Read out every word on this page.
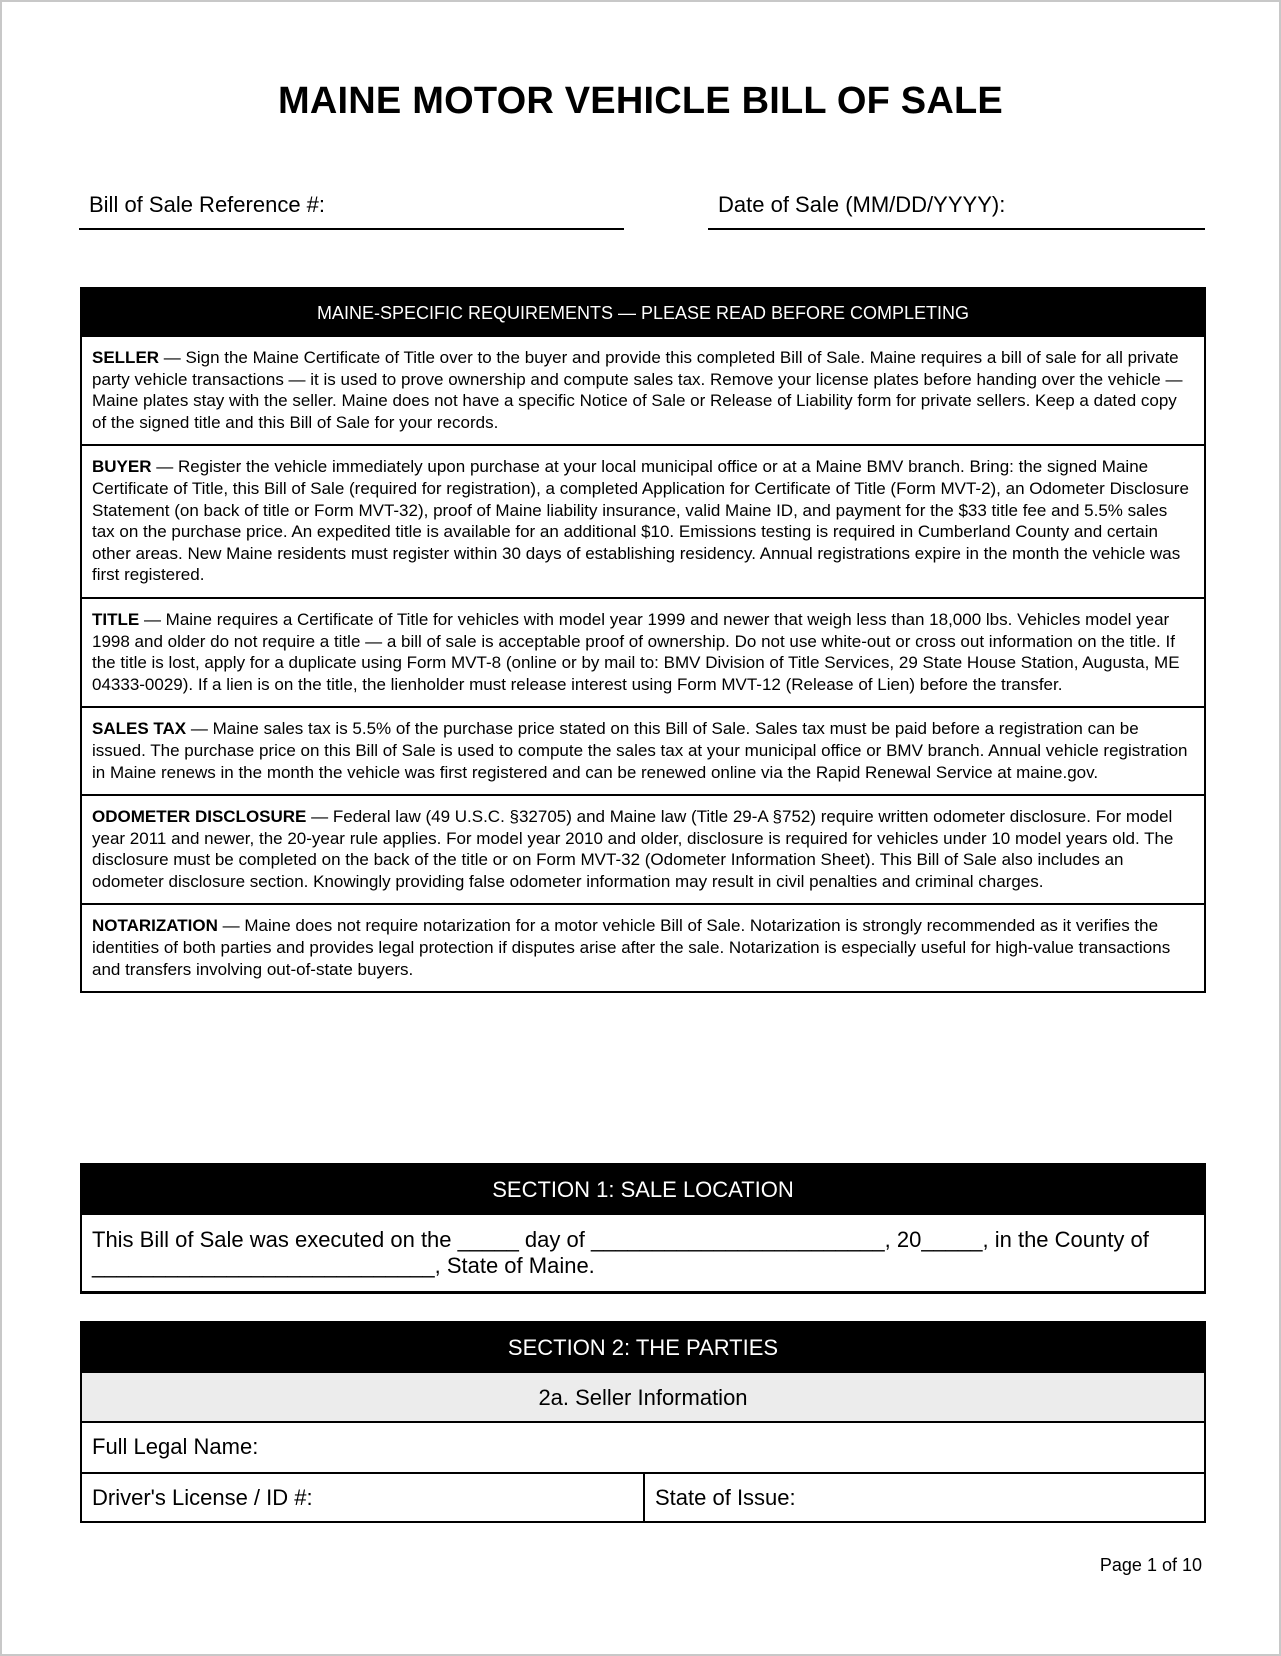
MAINE MOTOR VEHICLE BILL OF SALE
Bill of Sale Reference #:	Date of Sale (MM/DD/YYYY):
MAINE-SPECIFIC REQUIREMENTS — PLEASE READ BEFORE COMPLETING
SELLER — Sign the Maine Certificate of Title over to the buyer and provide this completed Bill of Sale. Maine requires a bill of sale for all private party vehicle transactions — it is used to prove ownership and compute sales tax. Remove your license plates before handing over the vehicle — Maine plates stay with the seller. Maine does not have a specific Notice of Sale or Release of Liability form for private sellers. Keep a dated copy of the signed title and this Bill of Sale for your records.
BUYER — Register the vehicle immediately upon purchase at your local municipal office or at a Maine BMV branch. Bring: the signed Maine Certificate of Title, this Bill of Sale (required for registration), a completed Application for Certificate of Title (Form MVT-2), an Odometer Disclosure Statement (on back of title or Form MVT-32), proof of Maine liability insurance, valid Maine ID, and payment for the $33 title fee and 5.5% sales tax on the purchase price. An expedited title is available for an additional $10. Emissions testing is required in Cumberland County and certain other areas. New Maine residents must register within 30 days of establishing residency. Annual registrations expire in the month the vehicle was first registered.
TITLE — Maine requires a Certificate of Title for vehicles with model year 1999 and newer that weigh less than 18,000 lbs. Vehicles model year 1998 and older do not require a title — a bill of sale is acceptable proof of ownership. Do not use white-out or cross out information on the title. If the title is lost, apply for a duplicate using Form MVT-8 (online or by mail to: BMV Division of Title Services, 29 State House Station, Augusta, ME 04333-0029). If a lien is on the title, the lienholder must release interest using Form MVT-12 (Release of Lien) before the transfer.
SALES TAX — Maine sales tax is 5.5% of the purchase price stated on this Bill of Sale. Sales tax must be paid before a registration can be issued. The purchase price on this Bill of Sale is used to compute the sales tax at your municipal office or BMV branch. Annual vehicle registration in Maine renews in the month the vehicle was first registered and can be renewed online via the Rapid Renewal Service at maine.gov.
ODOMETER DISCLOSURE — Federal law (49 U.S.C. §32705) and Maine law (Title 29-A §752) require written odometer disclosure. For model year 2011 and newer, the 20-year rule applies. For model year 2010 and older, disclosure is required for vehicles under 10 model years old. The disclosure must be completed on the back of the title or on Form MVT-32 (Odometer Information Sheet). This Bill of Sale also includes an odometer disclosure section. Knowingly providing false odometer information may result in civil penalties and criminal charges.
NOTARIZATION — Maine does not require notarization for a motor vehicle Bill of Sale. Notarization is strongly recommended as it verifies the identities of both parties and provides legal protection if disputes arise after the sale. Notarization is especially useful for high-value transactions and transfers involving out-of-state buyers.
SECTION 1: SALE LOCATION
This Bill of Sale was executed on the _____ day of ________________________, 20_____, in the County of ____________________________, State of Maine.
SECTION 2: THE PARTIES
2a. Seller Information
Full Legal Name:
Driver's License / ID #:	State of Issue:
Page 1 of 10
